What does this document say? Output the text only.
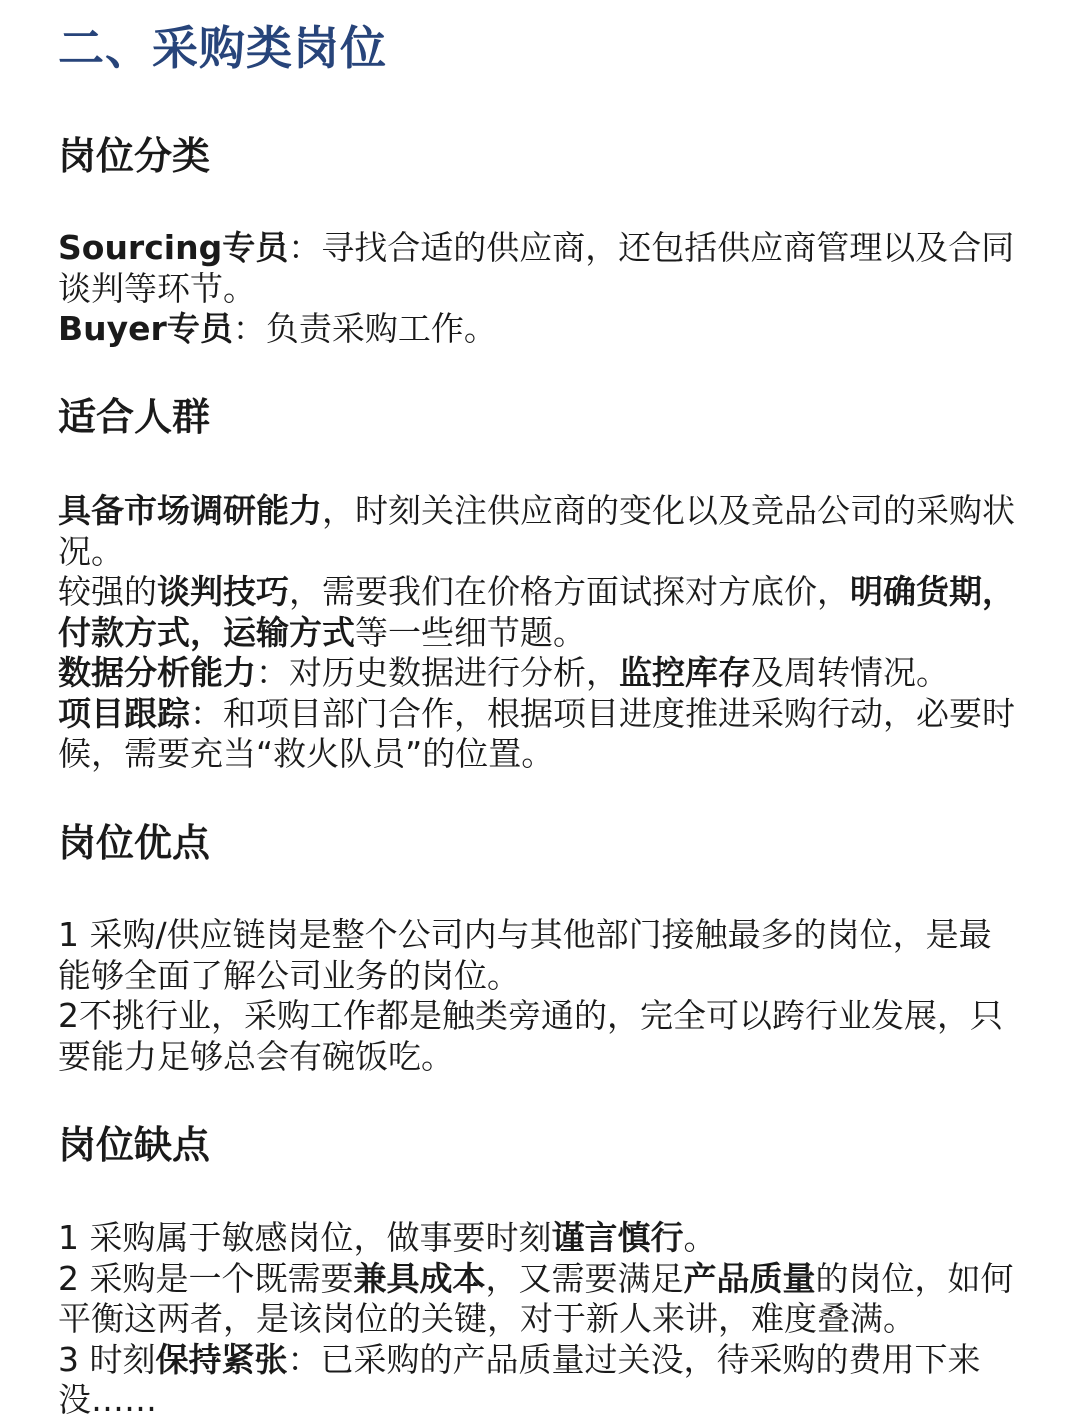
二、采购类岗位
岗位分类

Sourcing专员：寻找合适的供应商，还包括供应商管理以及合同谈判等环节。

Buyer专员：负责采购工作。

适合人群

具备市场调研能力，时刻关注供应商的变化以及竞品公司的采购状况。

较强的谈判技巧，需要我们在价格方面试探对方底价，明确货期，付款方式，运输方式等一些细节题。

数据分析能力：对历史数据进行分析，监控库存及周转情况。

项目跟踪：和项目部门合作，根据项目进度推进采购行动，必要时候，需要充当“救火队员”的位置。

岗位优点

1 采购/供应链岗是整个公司内与其他部门接触最多的岗位，是最能够全面了解公司业务的岗位。

2不挑行业，采购工作都是触类旁通的，完全可以跨行业发展，只要能力足够总会有碗饭吃。

岗位缺点

1 采购属于敏感岗位，做事要时刻谨言慎行。

2 采购是一个既需要兼具成本，又需要满足产品质量的岗位，如何平衡这两者，是该岗位的关键，对于新人来讲，难度叠满。

3 时刻保持紧张：已采购的产品质量过关没，待采购的费用下来没……
